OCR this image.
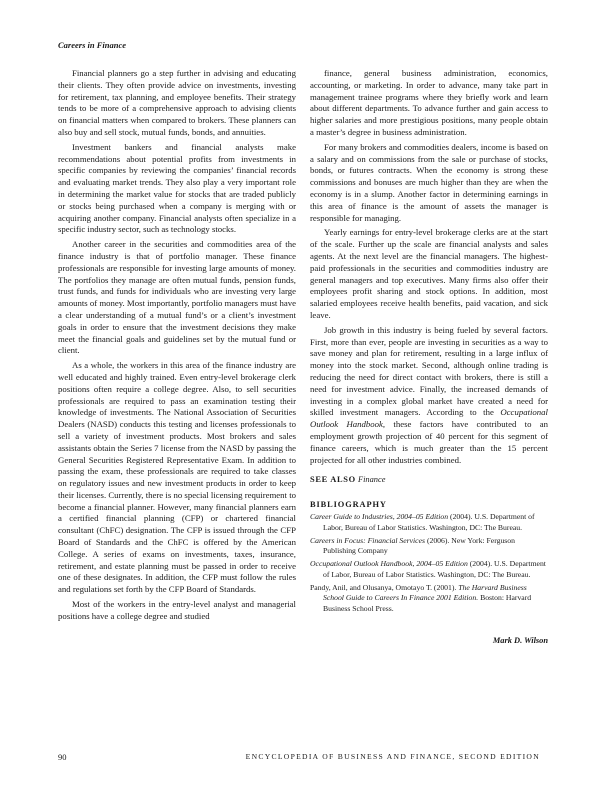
Careers in Finance

Financial planners go a step further in advising and educating their clients. They often provide advice on investments, investing for retirement, tax planning, and employee benefits. Their strategy tends to be more of a comprehensive approach to advising clients on financial matters when compared to brokers. These planners can also buy and sell stock, mutual funds, bonds, and annuities.

Investment bankers and financial analysts make recommendations about potential profits from investments in specific companies by reviewing the companies’ financial records and evaluating market trends. They also play a very important role in determining the market value for stocks that are traded publicly or stocks being purchased when a company is merging with or acquiring another company. Financial analysts often specialize in a specific industry sector, such as technology stocks.

Another career in the securities and commodities area of the finance industry is that of portfolio manager. These finance professionals are responsible for investing large amounts of money. The portfolios they manage are often mutual funds, pension funds, trust funds, and funds for individuals who are investing very large amounts of money. Most importantly, portfolio managers must have a clear understanding of a mutual fund’s or a client’s investment goals in order to ensure that the investment decisions they make meet the financial goals and guidelines set by the mutual fund or client.

As a whole, the workers in this area of the finance industry are well educated and highly trained. Even entry-level brokerage clerk positions often require a college degree. Also, to sell securities professionals are required to pass an examination testing their knowledge of investments. The National Association of Securities Dealers (NASD) conducts this testing and licenses professionals to sell a variety of investment products. Most brokers and sales assistants obtain the Series 7 license from the NASD by passing the General Securities Registered Representative Exam. In addition to passing the exam, these professionals are required to take classes on regulatory issues and new investment products in order to keep their licenses. Currently, there is no special licensing requirement to become a financial planner. However, many financial planners earn a certified financial planning (CFP) or chartered financial consultant (ChFC) designation. The CFP is issued through the CFP Board of Standards and the ChFC is offered by the American College. A series of exams on investments, taxes, insurance, retirement, and estate planning must be passed in order to receive one of these designates. In addition, the CFP must follow the rules and regulations set forth by the CFP Board of Standards.

Most of the workers in the entry-level analyst and managerial positions have a college degree and studied

finance, general business administration, economics, accounting, or marketing. In order to advance, many take part in management trainee programs where they briefly work and learn about different departments. To advance further and gain access to higher salaries and more prestigious positions, many people obtain a master’s degree in business administration.

For many brokers and commodities dealers, income is based on a salary and on commissions from the sale or purchase of stocks, bonds, or futures contracts. When the economy is strong these commissions and bonuses are much higher than they are when the economy is in a slump. Another factor in determining earnings in this area of finance is the amount of assets the manager is responsible for managing.

Yearly earnings for entry-level brokerage clerks are at the start of the scale. Further up the scale are financial analysts and sales agents. At the next level are the financial managers. The highest-paid professionals in the securities and commodities industry are general managers and top executives. Many firms also offer their employees profit sharing and stock options. In addition, most salaried employees receive health benefits, paid vacation, and sick leave.

Job growth in this industry is being fueled by several factors. First, more than ever, people are investing in securities as a way to save money and plan for retirement, resulting in a large influx of money into the stock market. Second, although online trading is reducing the need for direct contact with brokers, there is still a need for investment advice. Finally, the increased demands of investing in a complex global market have created a need for skilled investment managers. According to the Occupational Outlook Handbook, these factors have contributed to an employment growth projection of 40 percent for this segment of finance careers, which is much greater than the 15 percent projected for all other industries combined.

SEE ALSO Finance
BIBLIOGRAPHY
Career Guide to Industries, 2004–05 Edition (2004). U.S. Department of Labor, Bureau of Labor Statistics. Washington, DC: The Bureau.
Careers in Focus: Financial Services (2006). New York: Ferguson Publishing Company
Occupational Outlook Handbook, 2004–05 Edition (2004). U.S. Department of Labor, Bureau of Labor Statistics. Washington, DC: The Bureau.
Pandy, Anil, and Olusanya, Omotayo T. (2001). The Harvard Business School Guide to Careers In Finance 2001 Edition. Boston: Harvard Business School Press.
Mark D. Wilson
90	ENCYCLOPEDIA OF BUSINESS AND FINANCE, SECOND EDITION
